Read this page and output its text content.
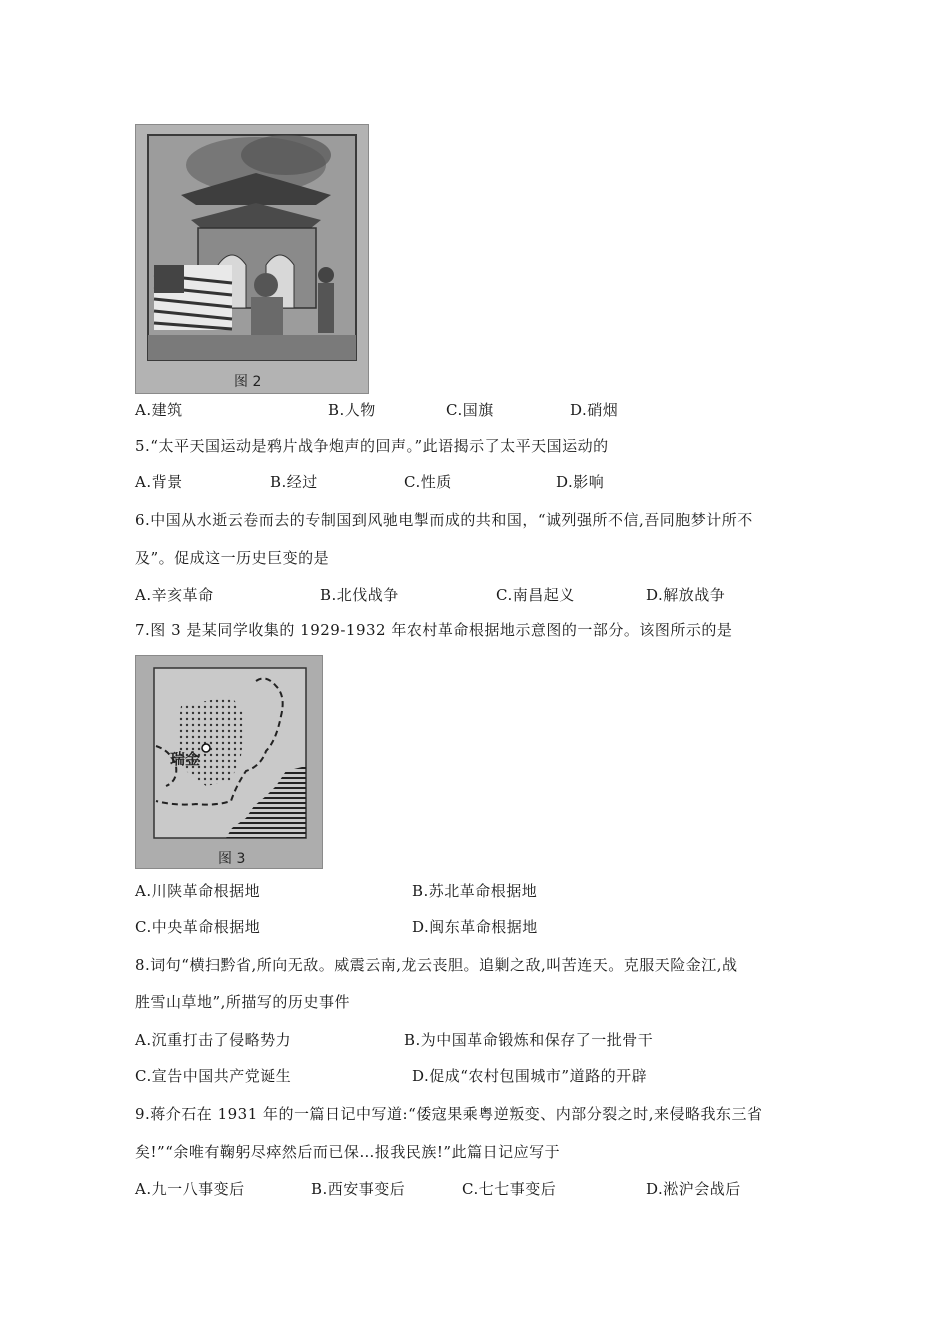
图 2
A.建筑	B.人物	C.国旗	D.硝烟
5.“太平天国运动是鸦片战争炮声的回声。”此语揭示了太平天国运动的
A.背景	B.经过	C.性质	D.影响
6.中国从水逝云卷而去的专制国到风驰电掣而成的共和国，“诚列强所不信,吾同胞梦计所不
及”。促成这一历史巨变的是
A.辛亥革命	B.北伐战争	C.南昌起义	D.解放战争
7.图 3 是某同学收集的 1929-1932 年农村革命根据地示意图的一部分。该图所示的是
瑞金
图 3
A.川陕革命根据地	B.苏北革命根据地
C.中央革命根据地	D.闽东革命根据地
8.词句“横扫黔省,所向无敌。威震云南,龙云丧胆。追剿之敌,叫苦连天。克服天险金江,战
胜雪山草地”,所描写的历史事件
A.沉重打击了侵略势力	B.为中国革命锻炼和保存了一批骨干
C.宣告中国共产党诞生	D.促成“农村包围城市”道路的开辟
9.蒋介石在 1931 年的一篇日记中写道:“倭寇果乘粤逆叛变、内部分裂之时,来侵略我东三省
矣!”“余唯有鞠躬尽瘁然后而已保…报我民族!”此篇日记应写于
A.九一八事变后	B.西安事变后	C.七七事变后	D.淞沪会战后
